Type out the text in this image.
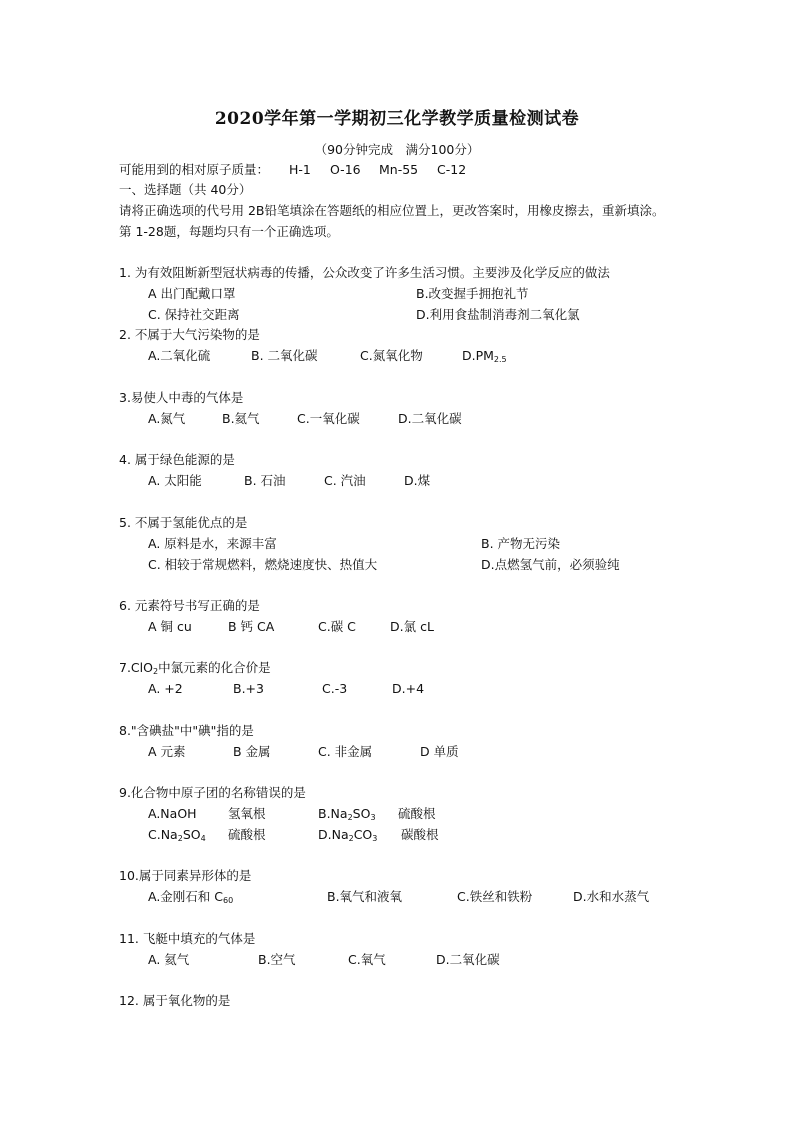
2020学年第一学期初三化学教学质量检测试卷
（90分钟完成　满分100分）
可能用到的相对原子质量： H-1 O-16 Mn-55 C-12
一、选择题（共 40分）
请将正确选项的代号用 2B铅笔填涂在答题纸的相应位置上，更改答案时，用橡皮擦去，重新填涂。第 1-28题，每题均只有一个正确选项。
1. 为有效阻断新型冠状病毒的传播，公众改变了许多生活习惯。主要涉及化学反应的做法
A 出门配戴口罩	B.改变握手拥抱礼节
C. 保持社交距离	D.利用食盐制消毒剂二氧化氯
2. 不属于大气污染物的是
A.二氧化硫	B. 二氧化碳	C.氮氧化物	$D.PM_{2.5}$
3.易使人中毒的气体是
A.氮气	B.氦气	C.一氧化碳	D.二氧化碳
4. 属于绿色能源的是
A. 太阳能	B. 石油	C. 汽油	D.煤
5. 不属于氢能优点的是
A. 原料是水，来源丰富	B. 产物无污染
C. 相较于常规燃料，燃烧速度快、热值大	D.点燃氢气前，必须验纯
6. 元素符号书写正确的是
A 铜 cu	B 钙 CA	C.碳 C	D.氯 cL
7.ClO$_2$中氯元素的化合价是
A. +2	B.+3	C.-3	D.+4
8."含碘盐"中"碘"指的是
A 元素	B 金属	C. 非金属	D 单质
9.化合物中原子团的名称错误的是
A.NaOH	氢氧根	$B.Na_2SO_3$ 硫酸根
$C.Na_2SO_4$ 硫酸根	$D.Na_2CO_3$ 碳酸根
10.属于同素异形体的是
A.金刚石和 $C_{60}$	B.氧气和液氧	C.铁丝和铁粉	D.水和水蒸气
11. 飞艇中填充的气体是
A. 氦气	B.空气	C.氧气	D.二氧化碳
12. 属于氧化物的是
